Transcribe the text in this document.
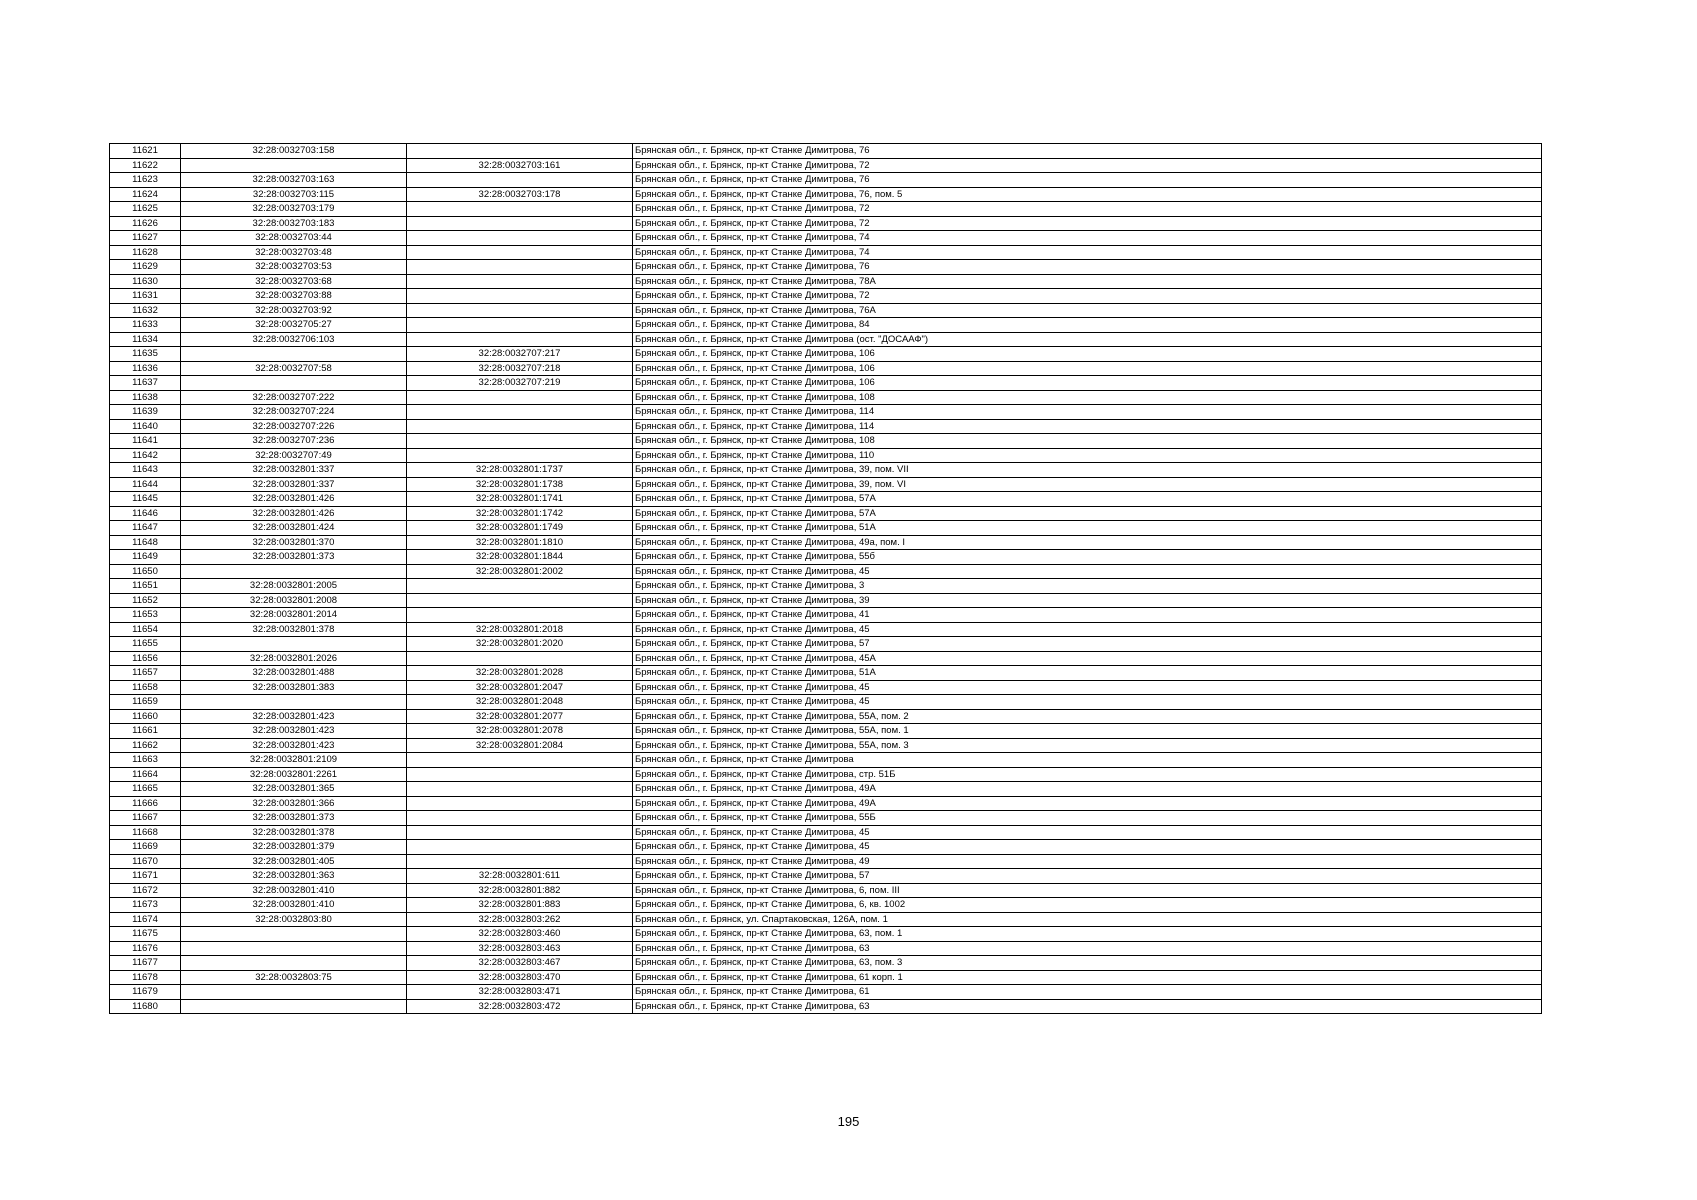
11621	32:28:0032703:158		Брянская обл., г. Брянск, пр-кт Станке Димитрова, 76
11622		32:28:0032703:161	Брянская обл., г. Брянск, пр-кт Станке Димитрова, 72
11623	32:28:0032703:163		Брянская обл., г. Брянск, пр-кт Станке Димитрова, 76
11624	32:28:0032703:115	32:28:0032703:178	Брянская обл., г. Брянск, пр-кт Станке Димитрова, 76, пом. 5
11625	32:28:0032703:179		Брянская обл., г. Брянск, пр-кт Станке Димитрова, 72
11626	32:28:0032703:183		Брянская обл., г. Брянск, пр-кт Станке Димитрова, 72
11627	32:28:0032703:44		Брянская обл., г. Брянск, пр-кт Станке Димитрова, 74
11628	32:28:0032703:48		Брянская обл., г. Брянск, пр-кт Станке Димитрова, 74
11629	32:28:0032703:53		Брянская обл., г. Брянск, пр-кт Станке Димитрова, 76
11630	32:28:0032703:68		Брянская обл., г. Брянск, пр-кт Станке Димитрова, 78А
11631	32:28:0032703:88		Брянская обл., г. Брянск, пр-кт Станке Димитрова, 72
11632	32:28:0032703:92		Брянская обл., г. Брянск, пр-кт Станке Димитрова, 76А
11633	32:28:0032705:27		Брянская обл., г. Брянск, пр-кт Станке Димитрова, 84
11634	32:28:0032706:103		Брянская обл., г. Брянск, пр-кт Станке Димитрова (ост. "ДОСААФ")
11635		32:28:0032707:217	Брянская обл., г. Брянск, пр-кт Станке Димитрова, 106
11636	32:28:0032707:58	32:28:0032707:218	Брянская обл., г. Брянск, пр-кт Станке Димитрова, 106
11637		32:28:0032707:219	Брянская обл., г. Брянск, пр-кт Станке Димитрова, 106
11638	32:28:0032707:222		Брянская обл., г. Брянск, пр-кт Станке Димитрова, 108
11639	32:28:0032707:224		Брянская обл., г. Брянск, пр-кт Станке Димитрова, 114
11640	32:28:0032707:226		Брянская обл., г. Брянск, пр-кт Станке Димитрова, 114
11641	32:28:0032707:236		Брянская обл., г. Брянск, пр-кт Станке Димитрова, 108
11642	32:28:0032707:49		Брянская обл., г. Брянск, пр-кт Станке Димитрова, 110
11643	32:28:0032801:337	32:28:0032801:1737	Брянская обл., г. Брянск, пр-кт Станке Димитрова, 39, пом. VII
11644	32:28:0032801:337	32:28:0032801:1738	Брянская обл., г. Брянск, пр-кт Станке Димитрова, 39, пом. VI
11645	32:28:0032801:426	32:28:0032801:1741	Брянская обл., г. Брянск, пр-кт Станке Димитрова, 57А
11646	32:28:0032801:426	32:28:0032801:1742	Брянская обл., г. Брянск, пр-кт Станке Димитрова, 57А
11647	32:28:0032801:424	32:28:0032801:1749	Брянская обл., г. Брянск, пр-кт Станке Димитрова, 51А
11648	32:28:0032801:370	32:28:0032801:1810	Брянская обл., г. Брянск, пр-кт Станке Димитрова, 49а, пом. I
11649	32:28:0032801:373	32:28:0032801:1844	Брянская обл., г. Брянск, пр-кт Станке Димитрова, 55б
11650		32:28:0032801:2002	Брянская обл., г. Брянск, пр-кт Станке Димитрова, 45
11651	32:28:0032801:2005		Брянская обл., г. Брянск, пр-кт Станке Димитрова, 3
11652	32:28:0032801:2008		Брянская обл., г. Брянск, пр-кт Станке Димитрова, 39
11653	32:28:0032801:2014		Брянская обл., г. Брянск, пр-кт Станке Димитрова, 41
11654	32:28:0032801:378	32:28:0032801:2018	Брянская обл., г. Брянск, пр-кт Станке Димитрова, 45
11655		32:28:0032801:2020	Брянская обл., г. Брянск, пр-кт Станке Димитрова, 57
11656	32:28:0032801:2026		Брянская обл., г. Брянск, пр-кт Станке Димитрова, 45А
11657	32:28:0032801:488	32:28:0032801:2028	Брянская обл., г. Брянск, пр-кт Станке Димитрова, 51А
11658	32:28:0032801:383	32:28:0032801:2047	Брянская обл., г. Брянск, пр-кт Станке Димитрова, 45
11659		32:28:0032801:2048	Брянская обл., г. Брянск, пр-кт Станке Димитрова, 45
11660	32:28:0032801:423	32:28:0032801:2077	Брянская обл., г. Брянск, пр-кт Станке Димитрова, 55А, пом. 2
11661	32:28:0032801:423	32:28:0032801:2078	Брянская обл., г. Брянск, пр-кт Станке Димитрова, 55А, пом. 1
11662	32:28:0032801:423	32:28:0032801:2084	Брянская обл., г. Брянск, пр-кт Станке Димитрова, 55А, пом. 3
11663	32:28:0032801:2109		Брянская обл., г. Брянск, пр-кт Станке Димитрова
11664	32:28:0032801:2261		Брянская обл., г. Брянск, пр-кт Станке Димитрова, стр. 51Б
11665	32:28:0032801:365		Брянская обл., г. Брянск, пр-кт Станке Димитрова, 49А
11666	32:28:0032801:366		Брянская обл., г. Брянск, пр-кт Станке Димитрова, 49А
11667	32:28:0032801:373		Брянская обл., г. Брянск, пр-кт Станке Димитрова, 55Б
11668	32:28:0032801:378		Брянская обл., г. Брянск, пр-кт Станке Димитрова, 45
11669	32:28:0032801:379		Брянская обл., г. Брянск, пр-кт Станке Димитрова, 45
11670	32:28:0032801:405		Брянская обл., г. Брянск, пр-кт Станке Димитрова, 49
11671	32:28:0032801:363	32:28:0032801:611	Брянская обл., г. Брянск, пр-кт Станке Димитрова, 57
11672	32:28:0032801:410	32:28:0032801:882	Брянская обл., г. Брянск, пр-кт Станке Димитрова, 6, пом. III
11673	32:28:0032801:410	32:28:0032801:883	Брянская обл., г. Брянск, пр-кт Станке Димитрова, 6, кв. 1002
11674	32:28:0032803:80	32:28:0032803:262	Брянская обл., г. Брянск, ул. Спартаковская, 126А, пом. 1
11675		32:28:0032803:460	Брянская обл., г. Брянск, пр-кт Станке Димитрова, 63, пом. 1
11676		32:28:0032803:463	Брянская обл., г. Брянск, пр-кт Станке Димитрова, 63
11677		32:28:0032803:467	Брянская обл., г. Брянск, пр-кт Станке Димитрова, 63, пом. 3
11678	32:28:0032803:75	32:28:0032803:470	Брянская обл., г. Брянск, пр-кт Станке Димитрова, 61 корп. 1
11679		32:28:0032803:471	Брянская обл., г. Брянск, пр-кт Станке Димитрова, 61
11680		32:28:0032803:472	Брянская обл., г. Брянск, пр-кт Станке Димитрова, 63
195
